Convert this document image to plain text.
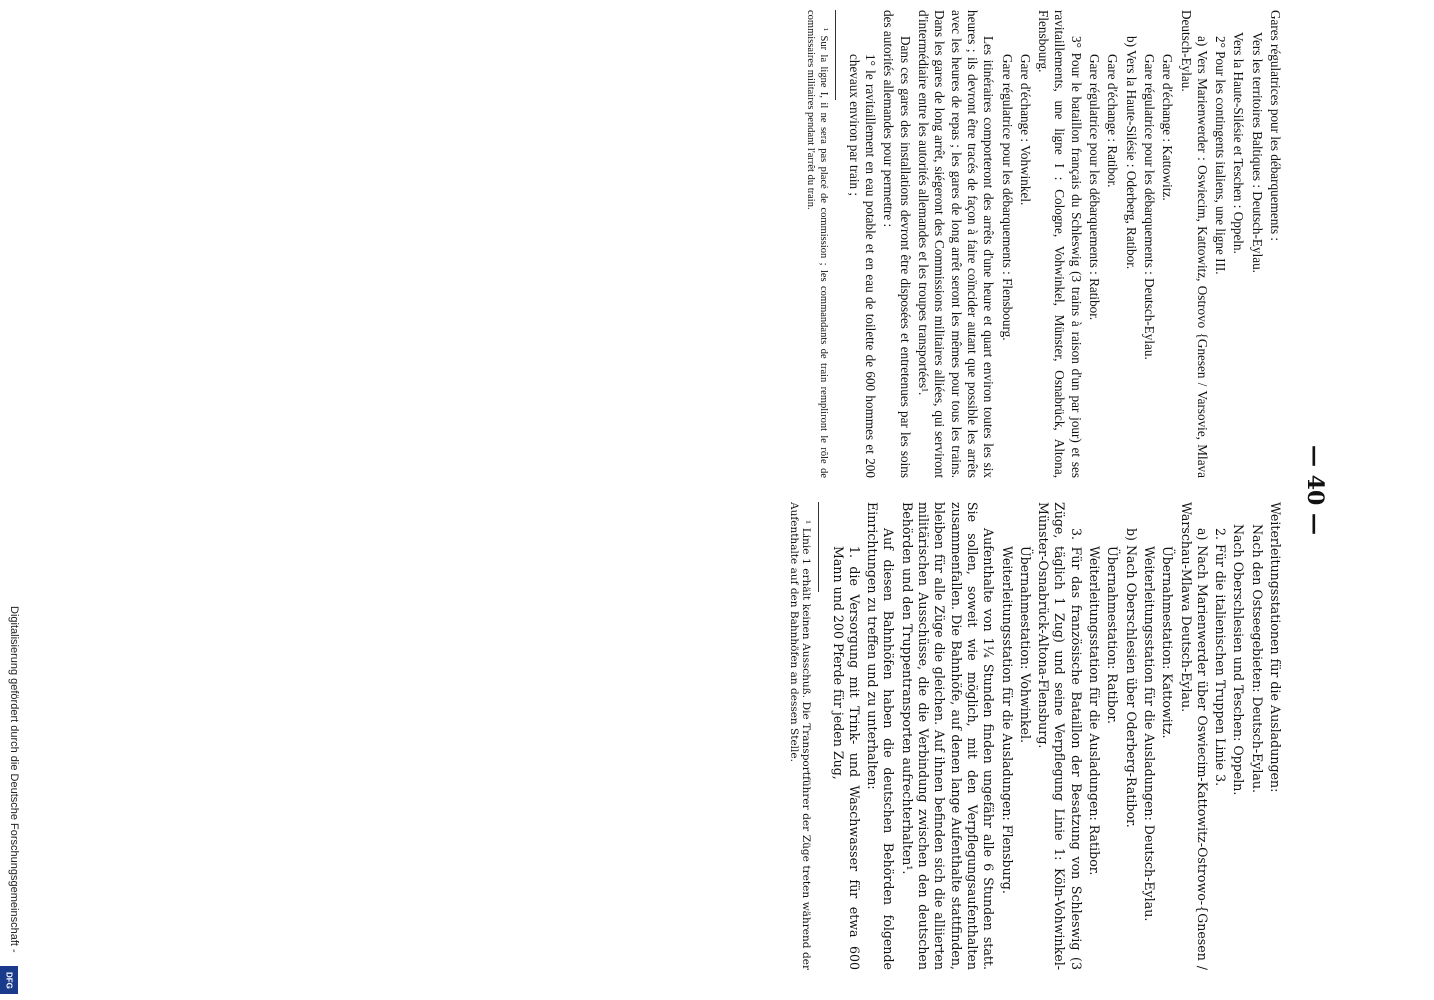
— 40 —

Gares régulatrices pour les débarquements :

Vers les territoires Baltiques : Deutsch-Eylau.

Vers la Haute-Silésie et Teschen : Oppeln.

2° Pour les contingents italiens, une ligne III.

a) Vers Marienwerder : Oswiecim, Kattowitz, Ostrovo {Gnesen / Varsovie, Mlava Deutsch-Eylau.

Gare d'échange : Kattowitz.

Gare régulatrice pour les débarquements : Deutsch-Eylau.

b) Vers la Haute-Silésie : Oderberg, Ratibor.

Gare d'échange : Ratibor.

Gare régulatrice pour les débarquements : Ratibor.

3° Pour le bataillon français du Schleswig (3 trains à raison d'un par jour) et ses ravitaillements, une ligne I : Cologne, Vohwinkel, Münster, Osnabrück, Altona, Flensbourg.

Gare d'échange : Vohwinkel.

Gare régulatrice pour les débarquements : Flensbourg.

Les itinéraires comporteront des arrêts d'une heure et quart environ toutes les six heures ; ils devront être tracés de façon à faire coïncider autant que possible les arrêts avec les heures de repas ; les gares de long arrêt seront les mêmes pour tous les trains. Dans les gares de long arrêt, siégeront des Commissions militaires alliées, qui serviront d'intermédiaire entre les autorités allemandes et les troupes transportées¹.

Dans ces gares des installations devront être disposées et entretenues par les soins des autorités allemandes pour permettre :

1° le ravitaillement en eau potable et en eau de toilette de 600 hommes et 200 chevaux environ par train ;

¹ Sur la ligne I, il ne sera pas placé de commission ; les commandants de train rempliront le rôle de commissaires militaires pendant l'arrêt du train.

Weiterleitungsstationen für die Ausladungen:

Nach den Ostseegebieten: Deutsch-Eylau.

Nach Oberschlesien und Teschen: Oppeln.

2. Für die italienischen Truppen Linie 3.

a) Nach Marienwerder über Oswiecim-Kattowitz-Ostrowo-{Gnesen / Warschau-Mlawa Deutsch-Eylau.

Übernahmestation: Kattowitz.

Weiterleitungsstation für die Ausladungen: Deutsch-Eylau.

b) Nach Oberschlesien über Oderberg-Ratibor.

Übernahmestation: Ratibor.

Weiterleitungsstation für die Ausladungen: Ratibor.

3. Für das französische Bataillon der Besatzung von Schleswig (3 Züge, täglich 1 Zug) und seine Verpflegung Linie 1: Köln-Vohwinkel-Münster-Osnabrück-Altona-Flensburg.

Übernahmestation: Vohwinkel.

Weiterleitungsstation für die Ausladungen: Flensburg.

Aufenthalte von 1¼ Stunden finden ungefähr alle 6 Stunden statt. Sie sollen, soweit wie möglich, mit den Verpflegungsaufenthalten zusammenfallen. Die Bahnhöfe, auf denen lange Aufenthalte stattfinden, bleiben für alle Züge die gleichen. Auf ihnen befinden sich die alliierten militärischen Ausschüsse, die die Verbindung zwischen den deutschen Behörden und den Truppentransporten aufrechterhalten¹.

Auf diesen Bahnhöfen haben die deutschen Behörden folgende Einrichtungen zu treffen und zu unterhalten:

1. die Versorgung mit Trink- und Waschwasser für etwa 600 Mann und 200 Pferde für jeden Zug,

¹ Linie 1 erhält keinen Ausschuß. Die Transportführer der Züge treten während der Aufenthalte auf den Bahnhöfen an dessen Stelle.

Digitalisierung gefördert durch die Deutsche Forschungsgemeinschaft -
DFG
